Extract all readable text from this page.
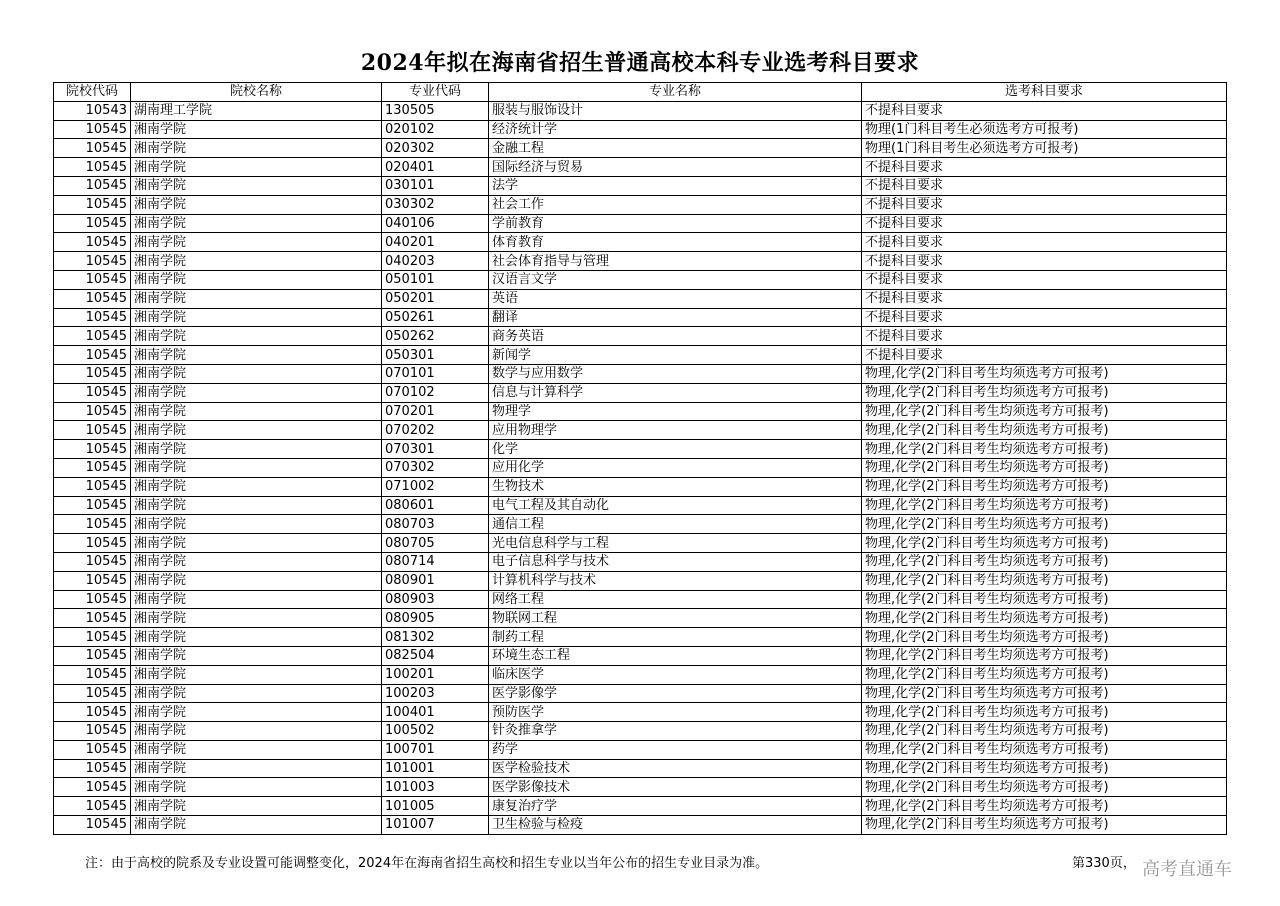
2024年拟在海南省招生普通高校本科专业选考科目要求
院校代码	院校名称	专业代码	专业名称	选考科目要求
10543	湖南理工学院	130505	服装与服饰设计	不提科目要求
10545	湘南学院	020102	经济统计学	物理(1门科目考生必须选考方可报考)
10545	湘南学院	020302	金融工程	物理(1门科目考生必须选考方可报考)
10545	湘南学院	020401	国际经济与贸易	不提科目要求
10545	湘南学院	030101	法学	不提科目要求
10545	湘南学院	030302	社会工作	不提科目要求
10545	湘南学院	040106	学前教育	不提科目要求
10545	湘南学院	040201	体育教育	不提科目要求
10545	湘南学院	040203	社会体育指导与管理	不提科目要求
10545	湘南学院	050101	汉语言文学	不提科目要求
10545	湘南学院	050201	英语	不提科目要求
10545	湘南学院	050261	翻译	不提科目要求
10545	湘南学院	050262	商务英语	不提科目要求
10545	湘南学院	050301	新闻学	不提科目要求
10545	湘南学院	070101	数学与应用数学	物理,化学(2门科目考生均须选考方可报考)
10545	湘南学院	070102	信息与计算科学	物理,化学(2门科目考生均须选考方可报考)
10545	湘南学院	070201	物理学	物理,化学(2门科目考生均须选考方可报考)
10545	湘南学院	070202	应用物理学	物理,化学(2门科目考生均须选考方可报考)
10545	湘南学院	070301	化学	物理,化学(2门科目考生均须选考方可报考)
10545	湘南学院	070302	应用化学	物理,化学(2门科目考生均须选考方可报考)
10545	湘南学院	071002	生物技术	物理,化学(2门科目考生均须选考方可报考)
10545	湘南学院	080601	电气工程及其自动化	物理,化学(2门科目考生均须选考方可报考)
10545	湘南学院	080703	通信工程	物理,化学(2门科目考生均须选考方可报考)
10545	湘南学院	080705	光电信息科学与工程	物理,化学(2门科目考生均须选考方可报考)
10545	湘南学院	080714	电子信息科学与技术	物理,化学(2门科目考生均须选考方可报考)
10545	湘南学院	080901	计算机科学与技术	物理,化学(2门科目考生均须选考方可报考)
10545	湘南学院	080903	网络工程	物理,化学(2门科目考生均须选考方可报考)
10545	湘南学院	080905	物联网工程	物理,化学(2门科目考生均须选考方可报考)
10545	湘南学院	081302	制药工程	物理,化学(2门科目考生均须选考方可报考)
10545	湘南学院	082504	环境生态工程	物理,化学(2门科目考生均须选考方可报考)
10545	湘南学院	100201	临床医学	物理,化学(2门科目考生均须选考方可报考)
10545	湘南学院	100203	医学影像学	物理,化学(2门科目考生均须选考方可报考)
10545	湘南学院	100401	预防医学	物理,化学(2门科目考生均须选考方可报考)
10545	湘南学院	100502	针灸推拿学	物理,化学(2门科目考生均须选考方可报考)
10545	湘南学院	100701	药学	物理,化学(2门科目考生均须选考方可报考)
10545	湘南学院	101001	医学检验技术	物理,化学(2门科目考生均须选考方可报考)
10545	湘南学院	101003	医学影像技术	物理,化学(2门科目考生均须选考方可报考)
10545	湘南学院	101005	康复治疗学	物理,化学(2门科目考生均须选考方可报考)
10545	湘南学院	101007	卫生检验与检疫	物理,化学(2门科目考生均须选考方可报考)
注：由于高校的院系及专业设置可能调整变化，2024年在海南省招生高校和招生专业以当年公布的招生专业目录为准。	第330页， 高考直通车
